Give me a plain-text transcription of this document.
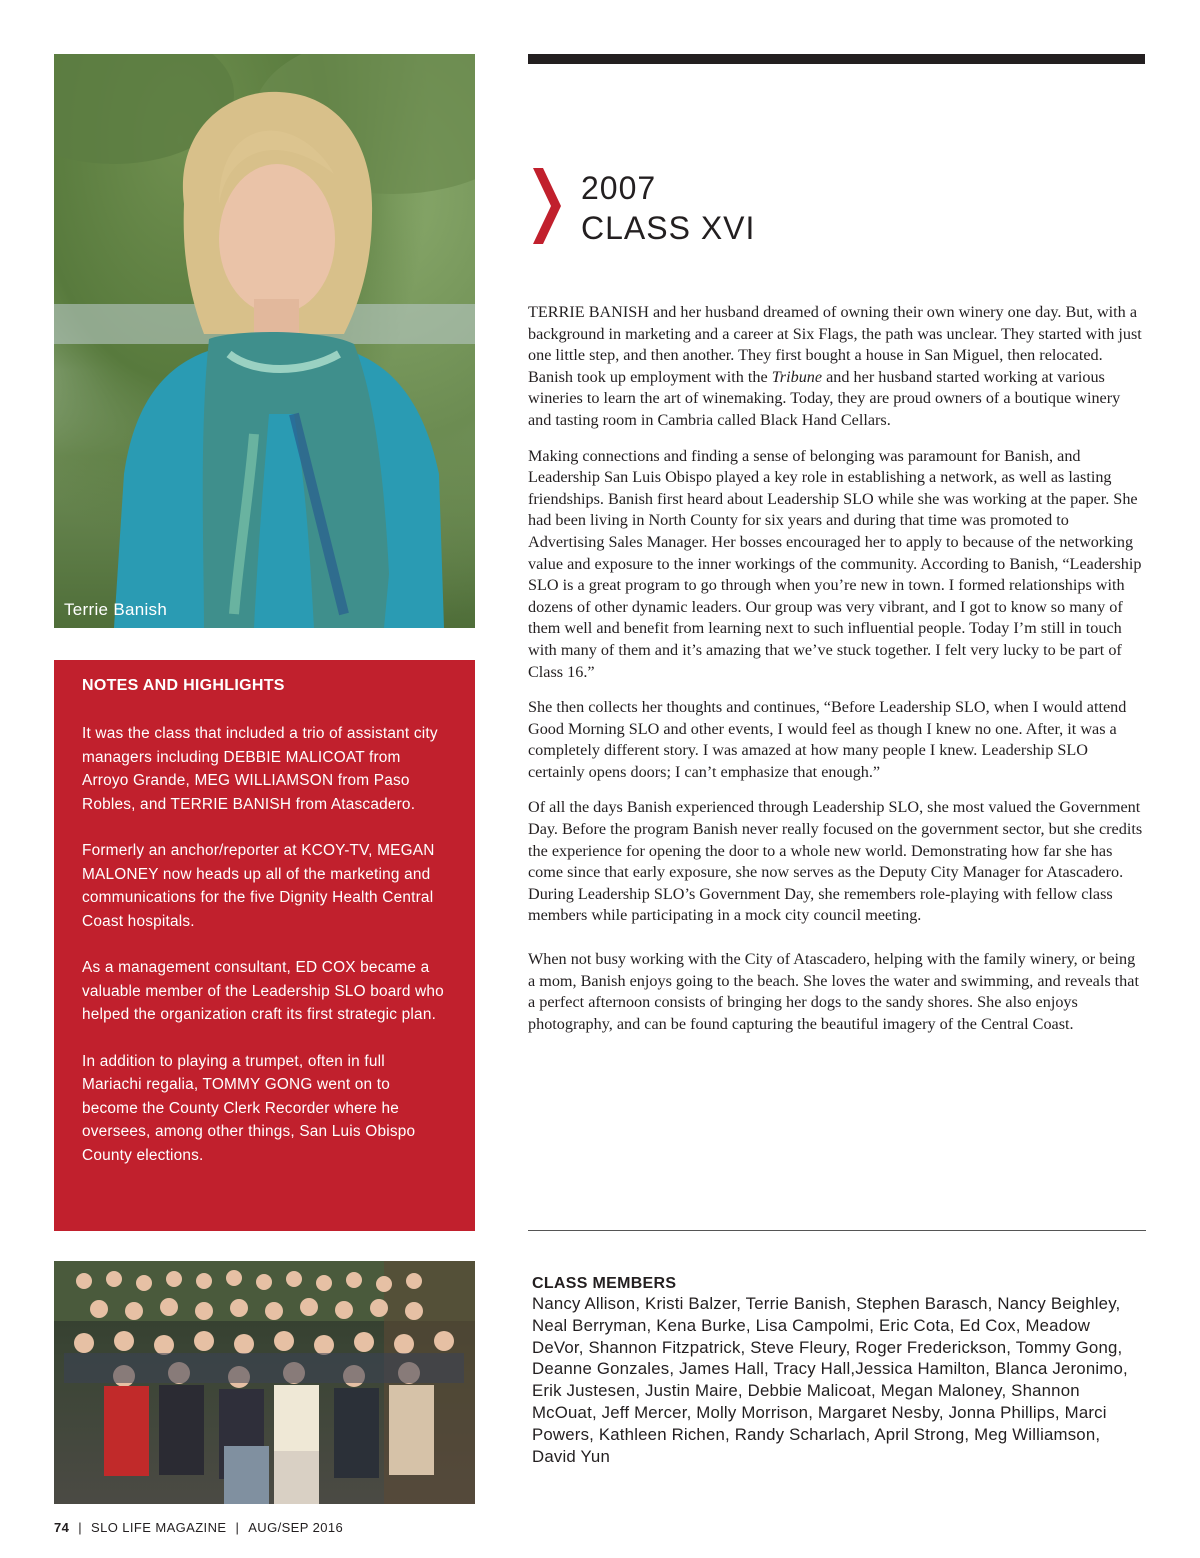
Terrie Banish
2007
CLASS XVI

TERRIE BANISH and her husband dreamed of owning their own winery one day. But, with a background in marketing and a career at Six Flags, the path was unclear. They started with just one little step, and then another. They first bought a house in San Miguel, then relocated. Banish took up employment with the Tribune and her husband started working at various wineries to learn the art of winemaking. Today, they are proud owners of a boutique winery and tasting room in Cambria called Black Hand Cellars.

Making connections and finding a sense of belonging was paramount for Banish, and Leadership San Luis Obispo played a key role in establishing a network, as well as lasting friendships. Banish first heard about Leadership SLO while she was working at the paper. She had been living in North County for six years and during that time was promoted to Advertising Sales Manager. Her bosses encouraged her to apply to because of the networking value and exposure to the inner workings of the community. According to Banish, “Leadership SLO is a great program to go through when you’re new in town. I formed relationships with dozens of other dynamic leaders. Our group was very vibrant, and I got to know so many of them well and benefit from learning next to such influential people. Today I’m still in touch with many of them and it’s amazing that we’ve stuck together. I felt very lucky to be part of Class 16.”

She then collects her thoughts and continues, “Before Leadership SLO, when I would attend Good Morning SLO and other events, I would feel as though I knew no one. After, it was a completely different story. I was amazed at how many people I knew. Leadership SLO certainly opens doors; I can’t emphasize that enough.”

Of all the days Banish experienced through Leadership SLO, she most valued the Government Day. Before the program Banish never really focused on the government sector, but she credits the experience for opening the door to a whole new world. Demonstrating how far she has come since that early exposure, she now serves as the Deputy City Manager for Atascadero. During Leadership SLO’s Government Day, she remembers role-playing with fellow class members while participating in a mock city council meeting.

When not busy working with the City of Atascadero, helping with the family winery, or being a mom, Banish enjoys going to the beach. She loves the water and swimming, and reveals that a perfect afternoon consists of bringing her dogs to the sandy shores. She also enjoys photography, and can be found capturing the beautiful imagery of the Central Coast.

NOTES AND HIGHLIGHTS

It was the class that included a trio of assistant city managers including DEBBIE MALICOAT from Arroyo Grande, MEG WILLIAMSON from Paso Robles, and TERRIE BANISH from Atascadero.

Formerly an anchor/reporter at KCOY-TV, MEGAN MALONEY now heads up all of the marketing and communications for the five Dignity Health Central Coast hospitals.

As a management consultant, ED COX became a valuable member of the Leadership SLO board who helped the organization craft its first strategic plan.

In addition to playing a trumpet, often in full Mariachi regalia, TOMMY GONG went on to become the County Clerk Recorder where he oversees, among other things, San Luis Obispo County elections.

CLASS MEMBERS

Nancy Allison, Kristi Balzer, Terrie Banish, Stephen Barasch, Nancy Beighley, Neal Berryman, Kena Burke, Lisa Campolmi, Eric Cota, Ed Cox, Meadow DeVor, Shannon Fitzpatrick, Steve Fleury, Roger Frederickson, Tommy Gong, Deanne Gonzales, James Hall, Tracy Hall,Jessica Hamilton, Blanca Jeronimo, Erik Justesen, Justin Maire, Debbie Malicoat, Megan Maloney, Shannon McOuat, Jeff Mercer, Molly Morrison, Margaret Nesby, Jonna Phillips, Marci Powers, Kathleen Richen, Randy Scharlach, April Strong, Meg Williamson, David Yun

74 | SLO LIFE MAGAZINE | AUG/SEP 2016
